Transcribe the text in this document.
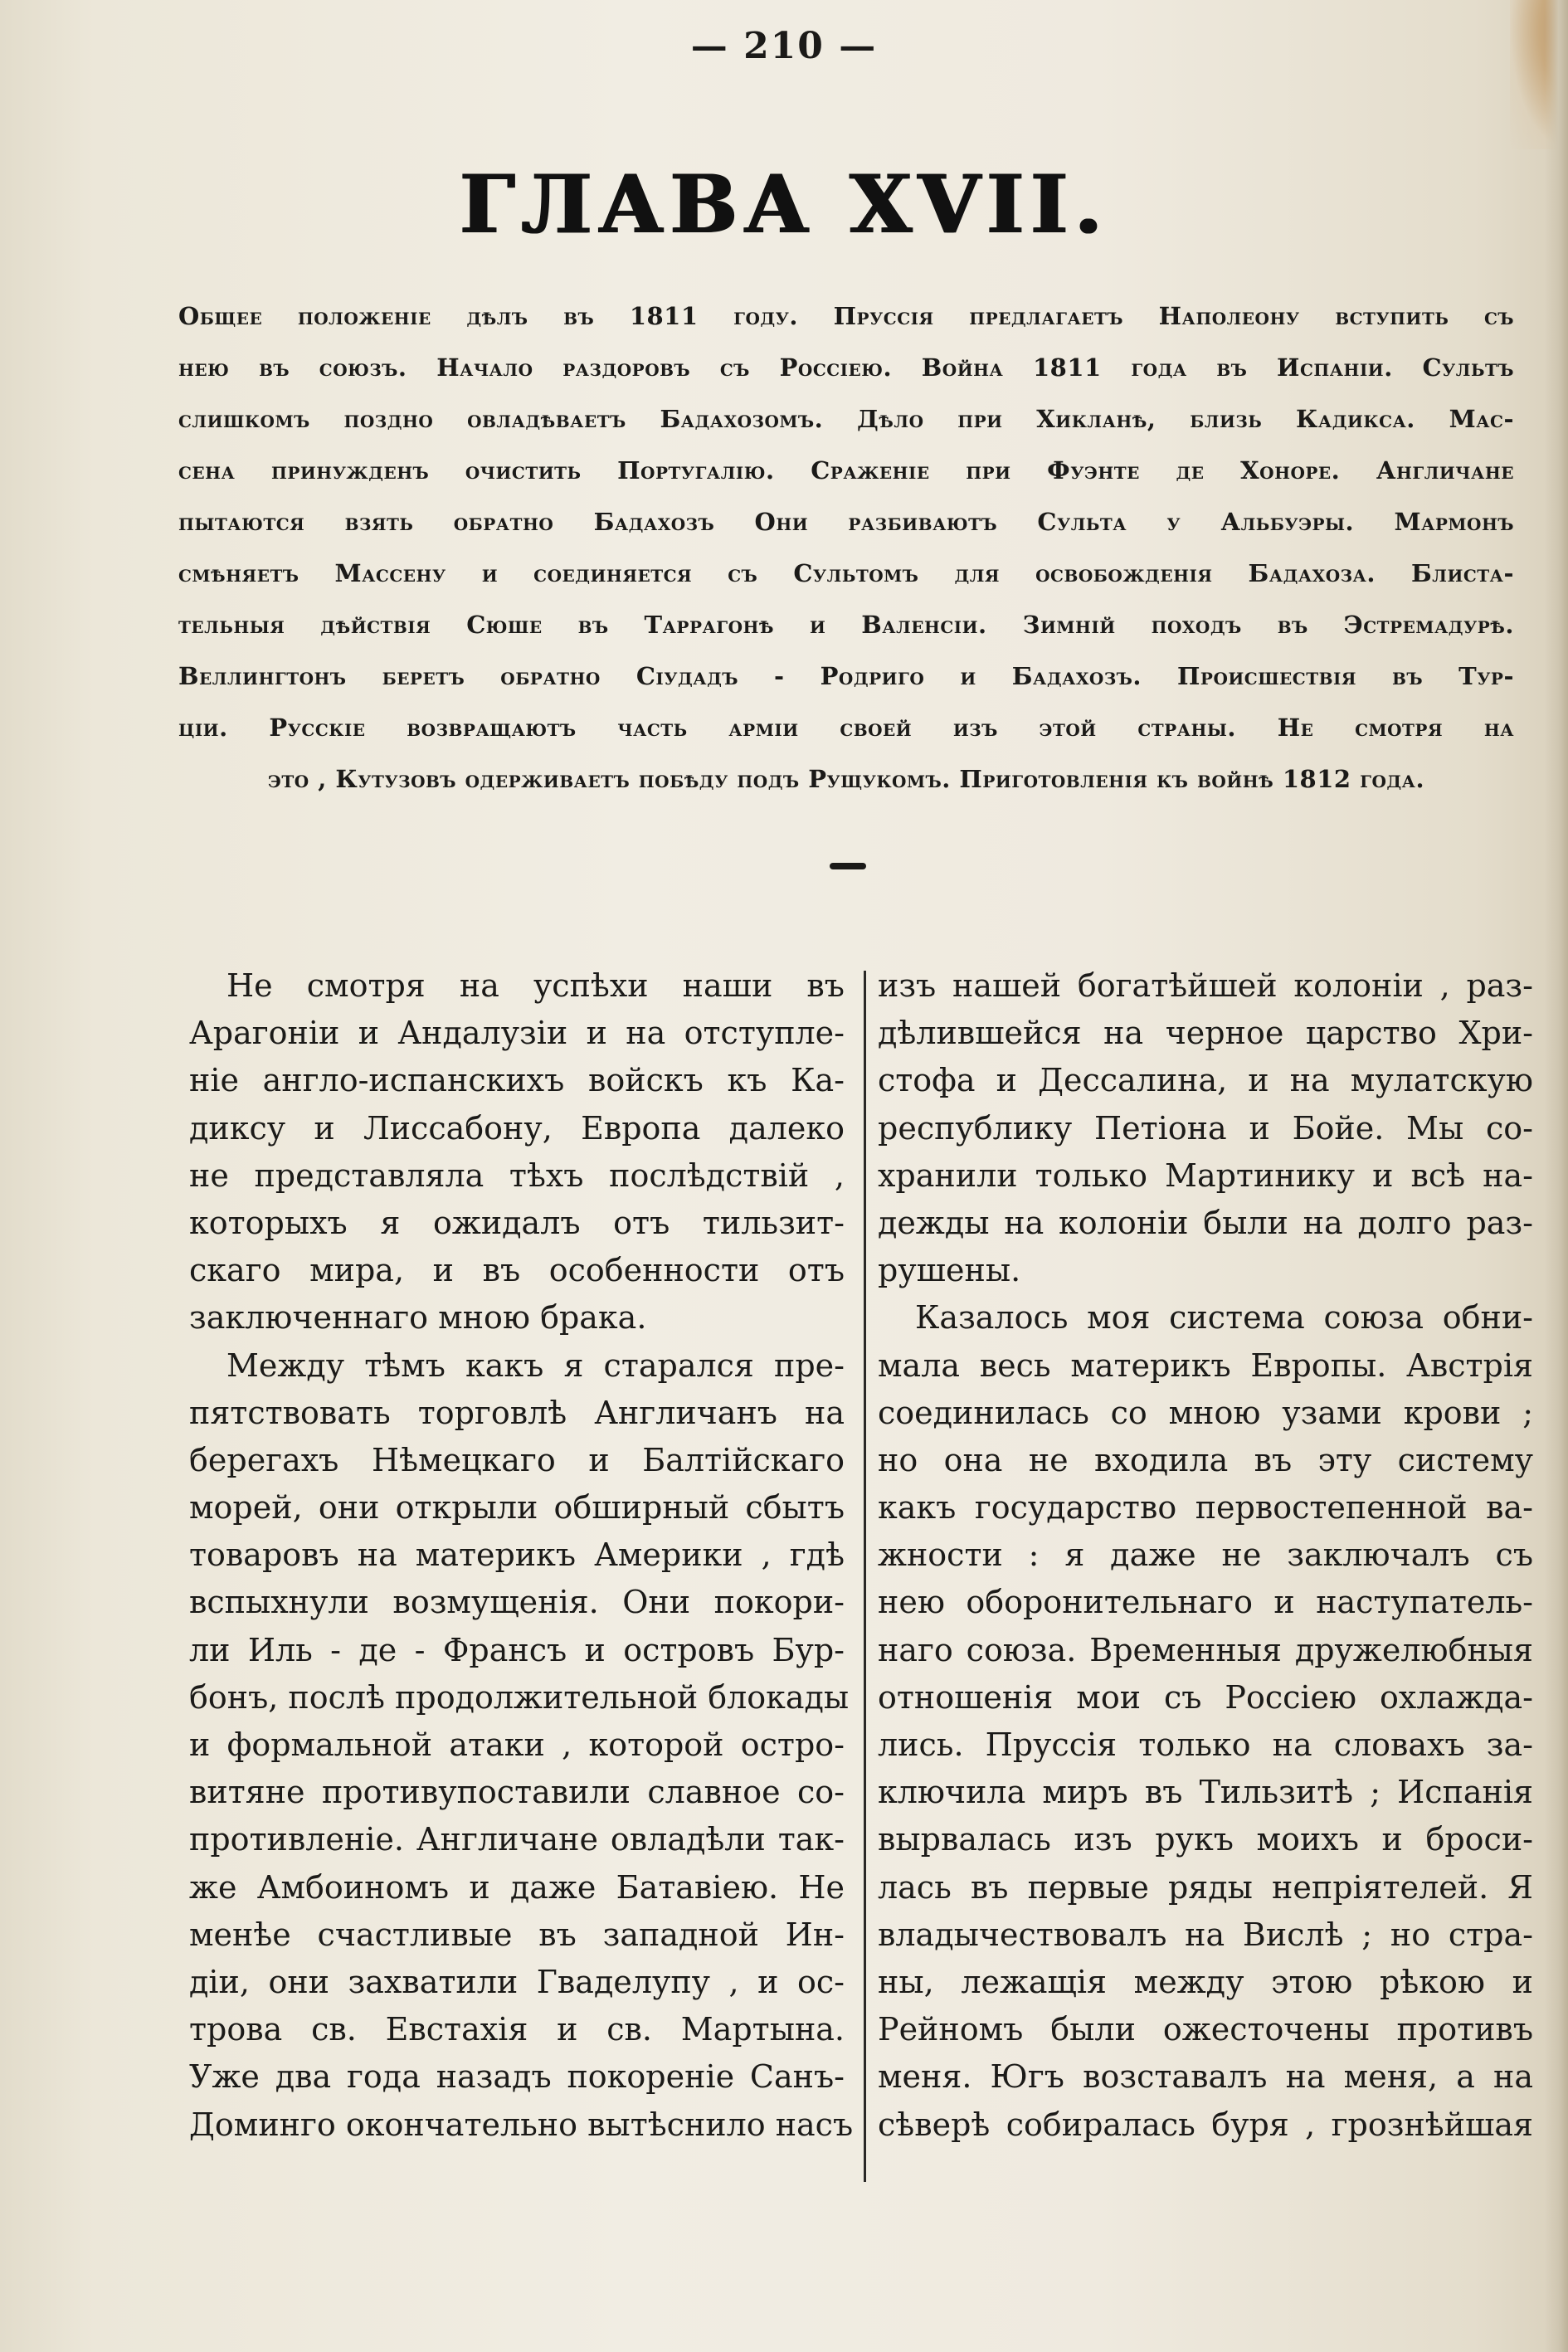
— 210 —
ГЛАВА XVII.
Общее положеніе дѣлъ въ 1811 году. Пруссія предлагаетъ Наполеону вступить съ
нею въ союзъ. Начало раздоровъ съ Россіею. Война 1811 года въ Испаніи. Сультъ
слишкомъ поздно овладѣваетъ Бадахозомъ. Дѣло при Хикланѣ, близь Кадикса. Мас-
сена принужденъ очистить Португалію. Сраженіе при Фуэнте де Хоноре. Англичане
пытаются взять обратно Бадахозъ Они разбиваютъ Сульта у Альбуэры. Мармонъ
смѣняетъ Массену и соединяется съ Сультомъ для освобожденія Бадахоза. Блиста-
тельныя дѣйствія Сюше въ Таррагонѣ и Валенсіи. Зимній походъ въ Эстремадурѣ.
Веллингтонъ беретъ обратно Сіудадъ - Родриго и Бадахозъ. Происшествія въ Тур-
ціи. Русскіе возвращаютъ часть арміи своей изъ этой страны. Не смотря на
это , Кутузовъ одерживаетъ побѣду подъ Рущукомъ. Приготовленія къ войнѣ 1812 года.
Не смотря на успѣхи наши въ
Арагоніи и Андалузіи и на отступле-
ніе англо-испанскихъ войскъ къ Ка-
диксу и Лиссабону, Европа далеко
не представляла тѣхъ послѣдствій ,
которыхъ я ожидалъ отъ тильзит-
скаго мира, и въ особенности отъ
заключеннаго мною брака.
Между тѣмъ какъ я старался пре-
пятствовать торговлѣ Англичанъ на
берегахъ Нѣмецкаго и Балтійскаго
морей, они открыли обширный сбытъ
товаровъ на материкъ Америки , гдѣ
вспыхнули возмущенія. Они покори-
ли Иль - де - Франсъ и островъ Бур-
бонъ, послѣ продолжительной блокады
и формальной атаки , которой остро-
витяне противупоставили славное со-
противленіе. Англичане овладѣли так-
же Амбоиномъ и даже Батавіею. Не
менѣе счастливые въ западной Ин-
діи, они захватили Гваделупу , и ос-
трова св. Евстахія и св. Мартына.
Уже два года назадъ покореніе Санъ-
Доминго окончательно вытѣснило насъ
изъ нашей богатѣйшей колоніи , раз-
дѣлившейся на черное царство Хри-
стофа и Дессалина, и на мулатскую
республику Петіона и Бойе. Мы со-
хранили только Мартинику и всѣ на-
дежды на колоніи были на долго раз-
рушены.
Казалось моя система союза обни-
мала весь материкъ Европы. Австрія
соединилась со мною узами крови ;
но она не входила въ эту систему
какъ государство первостепенной ва-
жности : я даже не заключалъ съ
нею оборонительнаго и наступатель-
наго союза. Временныя дружелюбныя
отношенія мои съ Россіею охлажда-
лись. Пруссія только на словахъ за-
ключила миръ въ Тильзитѣ ; Испанія
вырвалась изъ рукъ моихъ и броси-
лась въ первые ряды непріятелей. Я
владычествовалъ на Вислѣ ; но стра-
ны, лежащія между этою рѣкою и
Рейномъ были ожесточены противъ
меня. Югъ возставалъ на меня, а на
сѣверѣ собиралась буря , грознѣйшая
